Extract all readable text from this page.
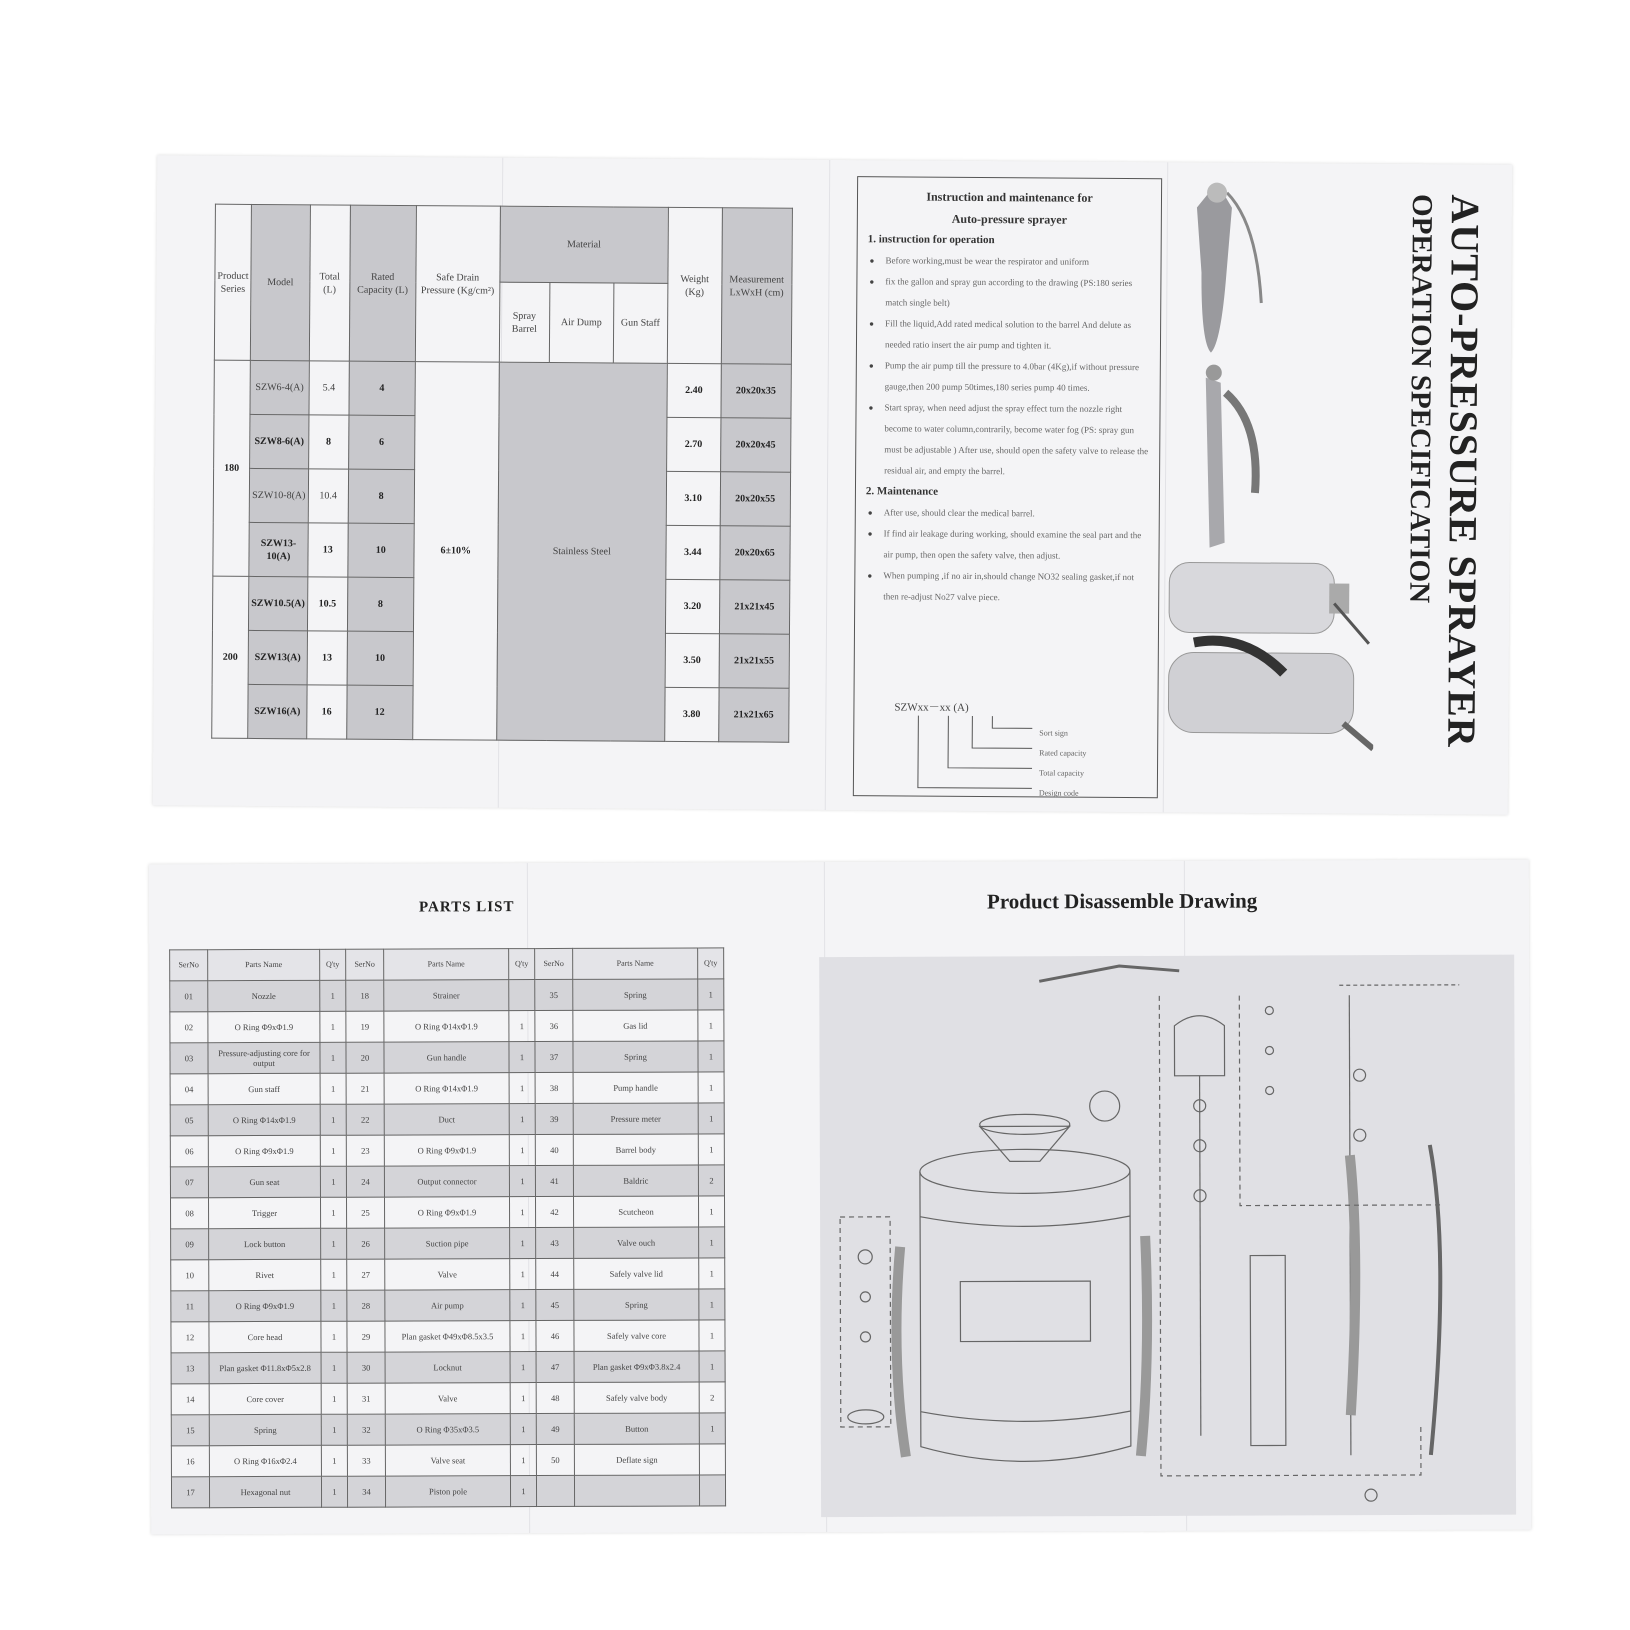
Product Series	Model	Total (L)	Rated Capacity (L)	Safe Drain Pressure (Kg/cm²)	Material			Weight (Kg)	Measurement LxWxH (cm)
					Spray Barrel	Air Dump	Gun Staff		
180	SZW6-4(A)	5.4	4	6±10%	Stainless Steel			2.40	20x20x35
	SZW8-6(A)	8	6					2.70	20x20x45
	SZW10-8(A)	10.4	8					3.10	20x20x55
	SZW13-10(A)	13	10					3.44	20x20x65
200	SZW10.5(A)	10.5	8					3.20	21x21x45
	SZW13(A)	13	10					3.50	21x21x55
	SZW16(A)	16	12					3.80	21x21x65
Instruction and maintenance for
Auto-pressure sprayer
1. instruction for operation
● Before working,must be wear the respirator and uniform
● fix the gallon and spray gun according to the drawing (PS:180 series match single belt)
● Fill the liquid,Add rated medical solution to the barrel And delute as needed ratio insert the air pump and tighten it.
● Pump the air pump till the pressure to 4.0bar (4Kg),if without pressure gauge,then 200 pump 50times,180 series pump 40 times.
● Start spray, when need adjust the spray effect turn the nozzle right become to water column,contrarily, become water fog (PS: spray gun must be adjustable ) After use, should open the safety valve to release the residual air, and empty the barrel.
2. Maintenance
● After use, should clear the medical barrel.
● If find air leakage during working, should examine the seal part and the air pump, then open the safety valve, then adjust.
● When pumping ,if no air in,should change NO32 sealing gasket,if not then re-adjust No27 valve piece.
SZWxx－xx (A)
Sort sign
Rated capacity
Total capacity
Design code
AUTO-PRESSURE SPRAYER
OPERATION SPECIFICATION
PARTS LIST
SerNo	Parts Name	Q'ty	SerNo	Parts Name	Q'ty	SerNo	Parts Name	Q'ty
01	Nozzle	1	18	Strainer		35	Spring	1
02	O Ring Φ9xΦ1.9	1	19	O Ring Φ14xΦ1.9	1	36	Gas lid	1
03	Pressure-adjusting core for output	1	20	Gun handle	1	37	Spring	1
04	Gun staff	1	21	O Ring Φ14xΦ1.9	1	38	Pump handle	1
05	O Ring Φ14xΦ1.9	1	22	Duct	1	39	Pressure meter	1
06	O Ring Φ9xΦ1.9	1	23	O Ring Φ9xΦ1.9	1	40	Barrel body	1
07	Gun seat	1	24	Output connector	1	41	Baldric	2
08	Trigger	1	25	O Ring Φ9xΦ1.9	1	42	Scutcheon	1
09	Lock button	1	26	Suction pipe	1	43	Valve ouch	1
10	Rivet	1	27	Valve	1	44	Safely valve lid	1
11	O Ring Φ9xΦ1.9	1	28	Air pump	1	45	Spring	1
12	Core head	1	29	Plan gasket Φ49xΦ8.5x3.5	1	46	Safely valve core	1
13	Plan gasket Φ11.8xΦ5x2.8	1	30	Locknut	1	47	Plan gasket Φ9xΦ3.8x2.4	1
14	Core cover	1	31	Valve	1	48	Safely valve body	2
15	Spring	1	32	O Ring Φ35xΦ3.5	1	49	Button	1
16	O Ring Φ16xΦ2.4	1	33	Valve seat	1	50	Deflate sign	
17	Hexagonal nut	1	34	Piston pole	1			
Product Disassemble Drawing
